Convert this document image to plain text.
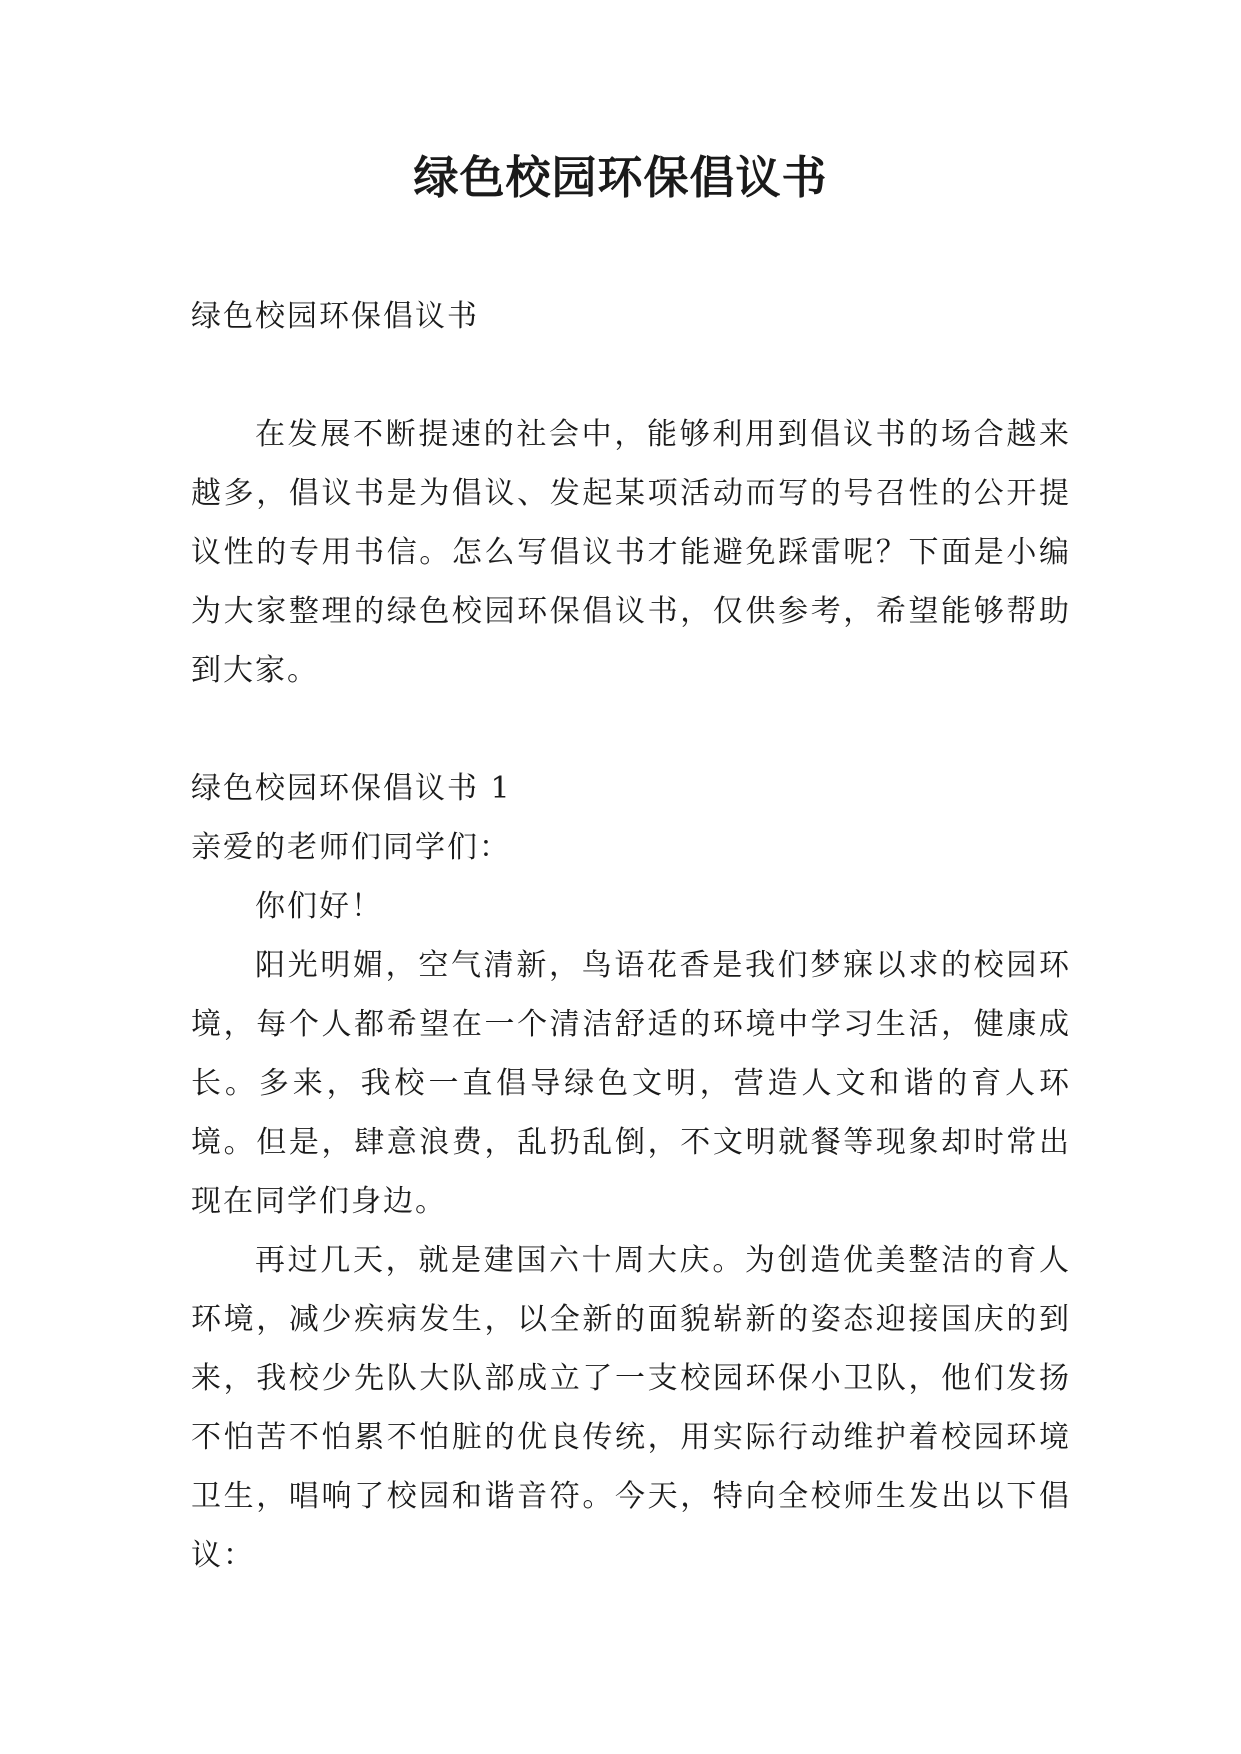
绿色校园环保倡议书

绿色校园环保倡议书

在发展不断提速的社会中，能够利用到倡议书的场合越来越多，倡议书是为倡议、发起某项活动而写的号召性的公开提议性的专用书信。怎么写倡议书才能避免踩雷呢？下面是小编为大家整理的绿色校园环保倡议书，仅供参考，希望能够帮助到大家。

绿色校园环保倡议书 1

亲爱的老师们同学们：

你们好！

阳光明媚，空气清新，鸟语花香是我们梦寐以求的校园环境，每个人都希望在一个清洁舒适的环境中学习生活，健康成长。多来，我校一直倡导绿色文明，营造人文和谐的育人环境。但是，肆意浪费，乱扔乱倒，不文明就餐等现象却时常出现在同学们身边。

再过几天，就是建国六十周大庆。为创造优美整洁的育人环境，减少疾病发生，以全新的面貌崭新的姿态迎接国庆的到来，我校少先队大队部成立了一支校园环保小卫队，他们发扬不怕苦不怕累不怕脏的优良传统，用实际行动维护着校园环境卫生，唱响了校园和谐音符。今天，特向全校师生发出以下倡议：
